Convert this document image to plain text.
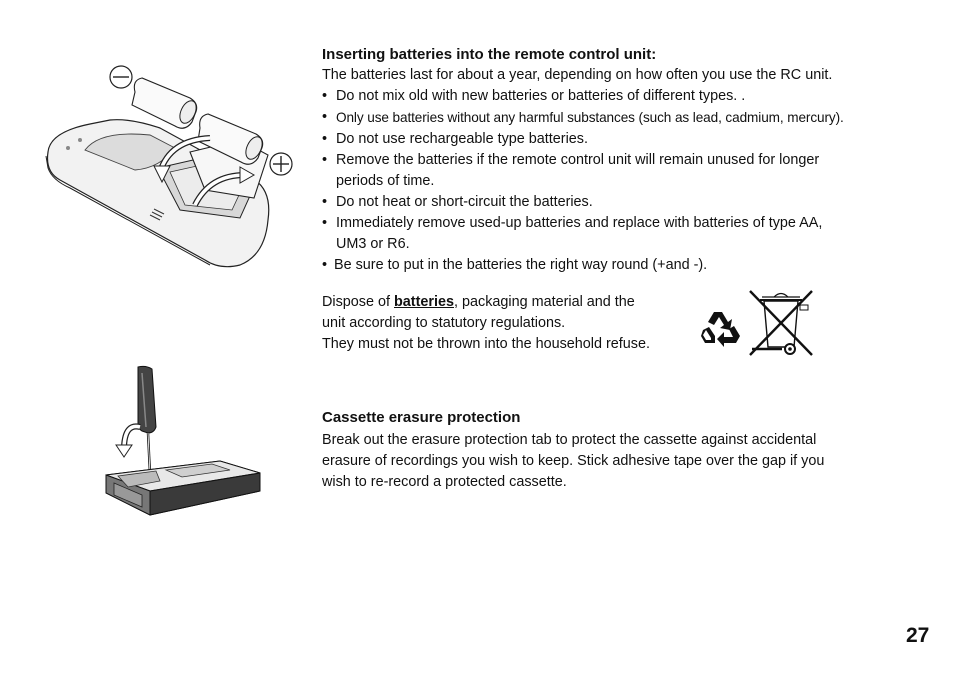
Inserting batteries into the remote control unit:
The batteries last for about a year, depending on how often you use the RC unit.
• Do not mix old with new batteries or batteries of different types. .
• Only use batteries without any harmful substances (such as lead, cadmium, mercury).
• Do not use rechargeable type batteries.
• Remove the batteries if the remote control unit will remain unused for longer
periods of time.
• Do not heat or short-circuit the batteries.
• Immediately remove used-up batteries and replace with batteries of type AA,
UM3 or R6.
• Be sure to put in the batteries the right way round (+and -).
Dispose of batteries, packaging material and the
unit according to statutory regulations.
They must not be thrown into the household refuse.
Cassette erasure protection
Break out the erasure protection tab to protect the cassette against accidental
erasure of recordings you wish to keep. Stick adhesive tape over the gap if you
wish to re-record a protected cassette.
27
